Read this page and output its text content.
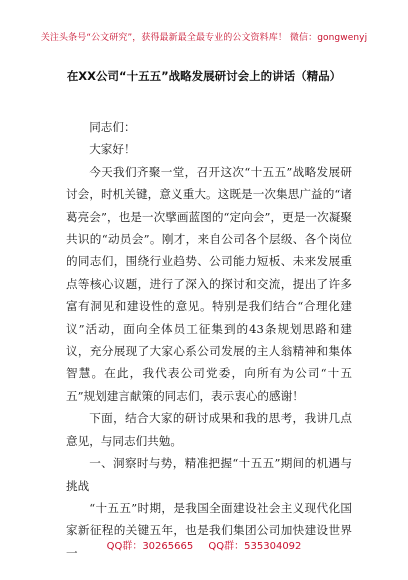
关注头条号“公文研究”，获得最新最全最专业的公文资料库！ 微信：gongwenyj
在XX公司“十五五”战略发展研讨会上的讲话（精品）

同志们：

大家好！

今天我们齐聚一堂，召开这次“十五五”战略发展研讨会，时机关键，意义重大。这既是一次集思广益的“诸葛亮会”，也是一次擘画蓝图的“定向会”，更是一次凝聚共识的“动员会”。刚才，来自公司各个层级、各个岗位的同志们，围绕行业趋势、公司能力短板、未来发展重点等核心议题，进行了深入的探讨和交流，提出了许多富有洞见和建设性的意见。特别是我们结合“合理化建议”活动，面向全体员工征集到的43条规划思路和建议，充分展现了大家心系公司发展的主人翁精神和集体智慧。在此，我代表公司党委，向所有为公司“十五五”规划建言献策的同志们，表示衷心的感谢！

下面，结合大家的研讨成果和我的思考，我讲几点意见，与同志们共勉。

一、洞察时与势，精准把握“十五五”期间的机遇与挑战

“十五五”时期，是我国全面建设社会主义现代化国家新征程的关键五年，也是我们集团公司加快建设世界一	QQ群：30265665 QQ群：535304092
